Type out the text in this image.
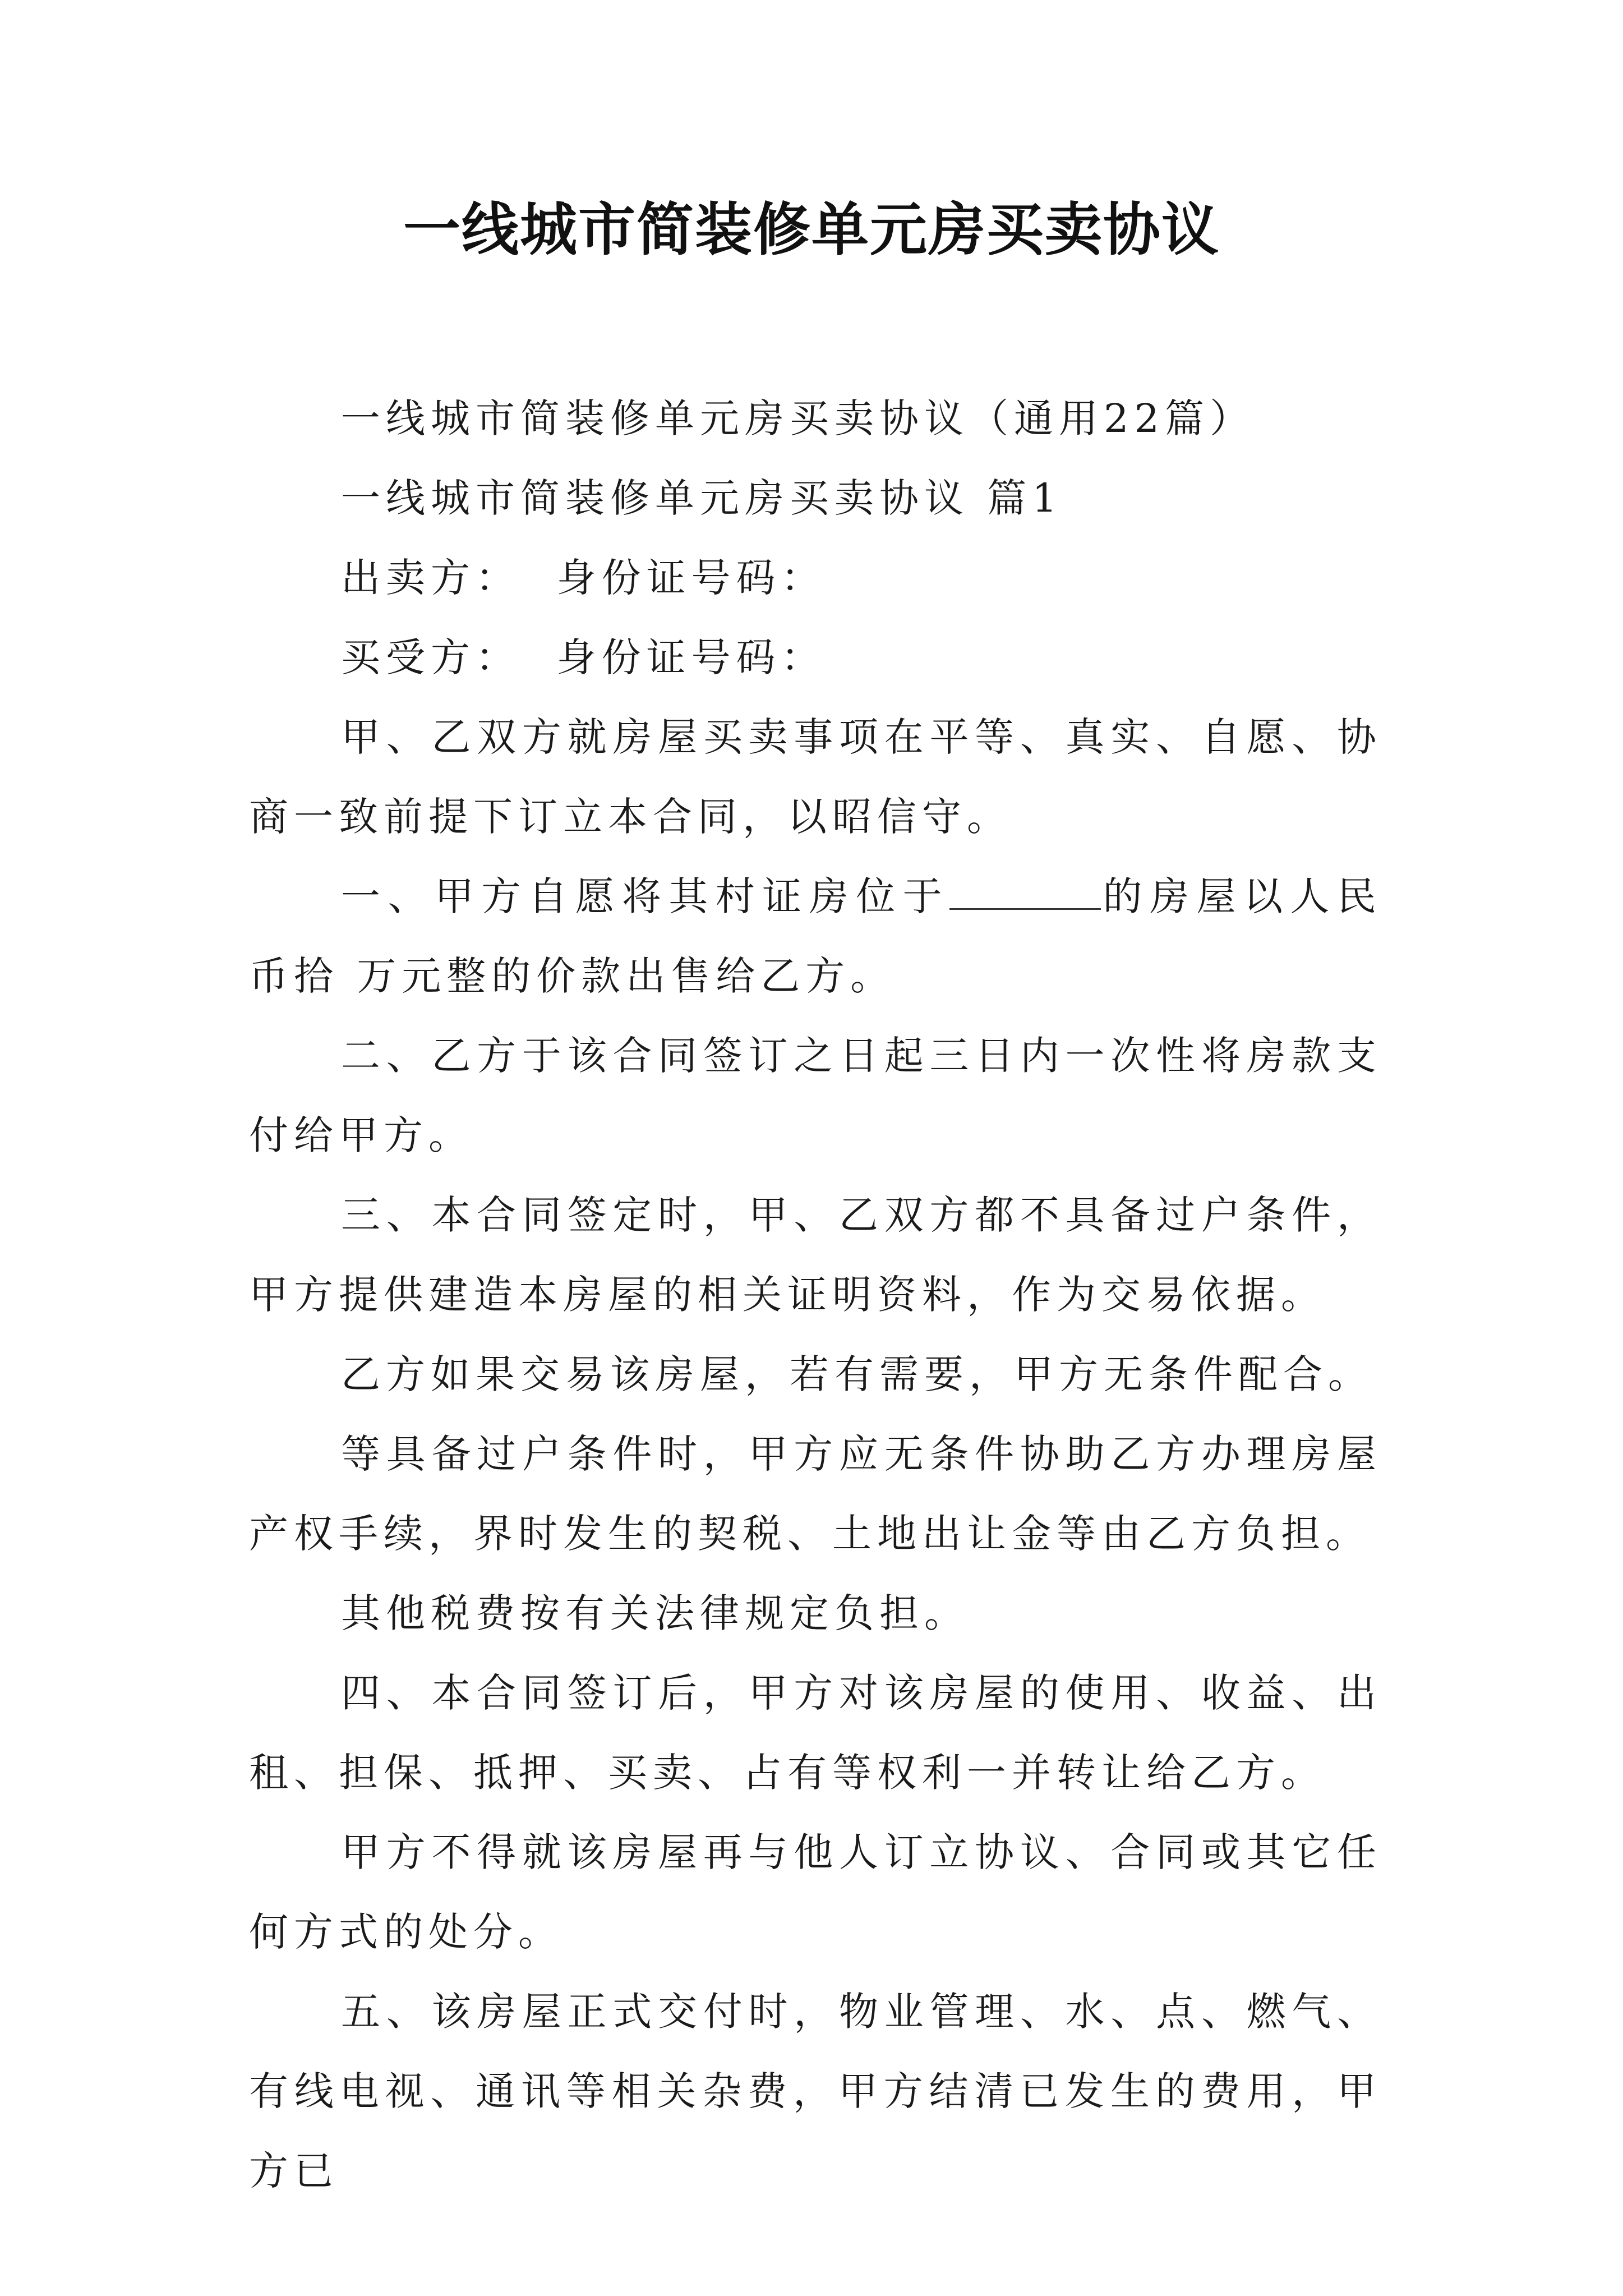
一线城市简装修单元房买卖协议

一线城市简装修单元房买卖协议（通用22篇）

一线城市简装修单元房买卖协议 篇1

出卖方：  身份证号码：

买受方：  身份证号码：

甲、乙双方就房屋买卖事项在平等、真实、自愿、协商一致前提下订立本合同，以昭信守。

一、甲方自愿将其村证房位于	的房屋以人民币拾 万元整的价款出售给乙方。

二、乙方于该合同签订之日起三日内一次性将房款支付给甲方。

三、本合同签定时，甲、乙双方都不具备过户条件，甲方提供建造本房屋的相关证明资料，作为交易依据。

乙方如果交易该房屋，若有需要，甲方无条件配合。

等具备过户条件时，甲方应无条件协助乙方办理房屋产权手续，界时发生的契税、土地出让金等由乙方负担。

其他税费按有关法律规定负担。

四、本合同签订后，甲方对该房屋的使用、收益、出租、担保、抵押、买卖、占有等权利一并转让给乙方。

甲方不得就该房屋再与他人订立协议、合同或其它任何方式的处分。

五、该房屋正式交付时，物业管理、水、点、燃气、有线电视、通讯等相关杂费，甲方结清已发生的费用，甲方已
